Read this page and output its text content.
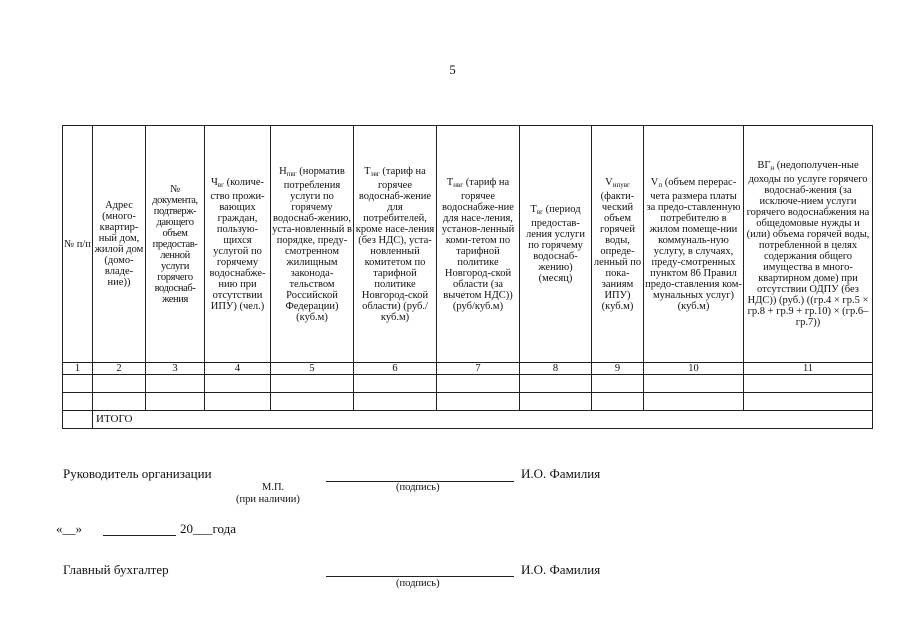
5
№ п/п	Адрес (много-квартир-ный дом, жилой дом (домо-владе-ние))	№ документа, подтверж-дающего объем предостав-ленной услуги горячего водоснаб-жения	$Ч_{вг}$ (количе-ство прожи-вающих граждан, пользую-щихся услугой по горячему водоснабже-нию при отсутствии ИПУ) (чел.)	$Н_{пвг}$ (норматив потребления услуги по горячему водоснаб-жению, уста-новленный в порядке, преду-смотренном жилищным законода-тельством Российской Федерации) (куб.м)	$Т_{эвг}$ (тариф на горячее водоснаб-жение для потребителей, кроме насе-ления (без НДС), уста-новленный комитетом по тарифной политике Новгород-ской области) (руб./куб.м)	$Т_{нвг}$ (тариф на горячее водоснабже-ние для насе-ления, установ-ленный коми-тетом по тарифной политике Новгород-ской области (за вычетом НДС)) (руб/куб.м)	$Т_{вг}$ (период предостав-ления услуги по горячему водоснаб-жению) (месяц)	$V_{ипувг}$ (факти-ческий объем горячей воды, опреде-ленный по пока-заниям ИПУ) (куб.м)	$V_п$ (объем перерас-чета размера платы за предо-ставленную потребителю в жилом помеще-нии коммуналь-ную услугу, в случаях, преду-смотренных пунктом 86 Правил предо-ставления ком-мунальных услуг) (куб.м)	$ВГ_н$ (недополучен-ные доходы по услуге горячего водоснаб-жения (за исключе-нием услуги горячего водоснабжения на общедомовые нужды и (или) объема горячей воды, потребленной в целях содержания общего имущества в много-квартирном доме) при отсутствии ОДПУ (без НДС)) (руб.) ((гр.4 × гр.5 × гр.8 + гр.9 + гр.10) × (гр.6–гр.7))
1	2	3	4	5	6	7	8	9	10	11

	ИТОГО									
Руководитель организации	И.О. Фамилия
М.П.	(подпись)
(при наличии)
«__»	20___года
Главный бухгалтер	И.О. Фамилия
(подпись)
